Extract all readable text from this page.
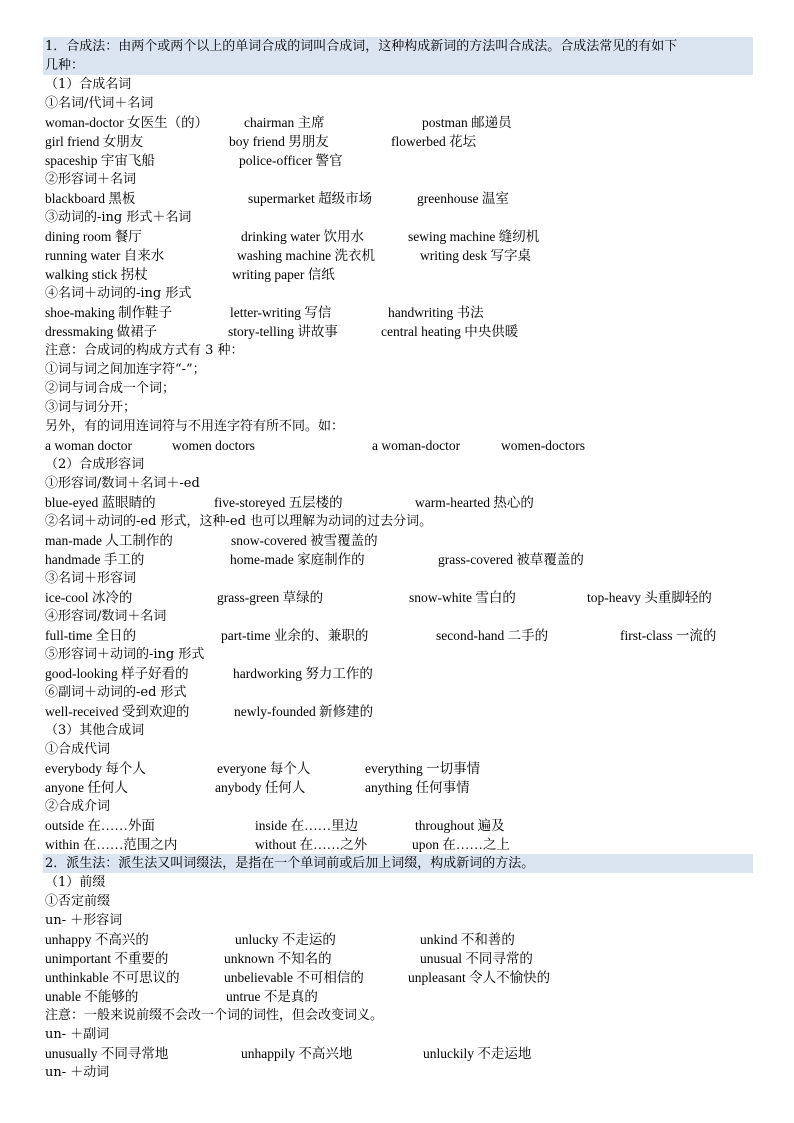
1．合成法：由两个或两个以上的单词合成的词叫合成词，这种构成新词的方法叫合成法。合成法常见的有如下
几种：
（1）合成名词
①名词/代词＋名词
woman-doctor 女医生（的）	chairman 主席	postman 邮递员
girl friend 女朋友	boy friend 男朋友	flowerbed 花坛
spaceship 宇宙飞船	police-officer 警官
②形容词＋名词
blackboard 黑板	supermarket 超级市场	greenhouse 温室
③动词的-ing 形式＋名词
dining room 餐厅	drinking water 饮用水	sewing machine 缝纫机
running water 自来水	washing machine 洗衣机	writing desk 写字桌
walking stick 拐杖	writing paper 信纸
④名词＋动词的-ing 形式
shoe-making 制作鞋子	letter-writing 写信	handwriting 书法
dressmaking 做裙子	story-telling 讲故事	central heating 中央供暖
注意：合成词的构成方式有 3 种：
①词与词之间加连字符“-”；
②词与词合成一个词；
③词与词分开；
另外，有的词用连词符与不用连字符有所不同。如：
a woman doctor	women doctors	a woman-doctor	women-doctors
（2）合成形容词
①形容词/数词＋名词＋-ed
blue-eyed 蓝眼睛的	five-storeyed 五层楼的	warm-hearted 热心的
②名词＋动词的-ed 形式，这种-ed 也可以理解为动词的过去分词。
man-made 人工制作的	snow-covered 被雪覆盖的
handmade 手工的	home-made 家庭制作的	grass-covered 被草覆盖的
③名词＋形容词
ice-cool 冰冷的	grass-green 草绿的	snow-white 雪白的	top-heavy 头重脚轻的
④形容词/数词＋名词
full-time 全日的	part-time 业余的、兼职的	second-hand 二手的	first-class 一流的
⑤形容词＋动词的-ing 形式
good-looking 样子好看的	hardworking 努力工作的
⑥副词＋动词的-ed 形式
well-received 受到欢迎的	newly-founded 新修建的
（3）其他合成词
①合成代词
everybody 每个人	everyone 每个人	everything 一切事情
anyone 任何人	anybody 任何人	anything 任何事情
②合成介词
outside 在……外面	inside 在……里边	throughout 遍及
within 在……范围之内	without 在……之外	upon 在……之上
2．派生法：派生法又叫词缀法，是指在一个单词前或后加上词缀，构成新词的方法。
（1）前缀
①否定前缀
un- ＋形容词
unhappy 不高兴的	unlucky 不走运的	unkind 不和善的
unimportant 不重要的	unknown 不知名的	unusual 不同寻常的
unthinkable 不可思议的	unbelievable 不可相信的	unpleasant 令人不愉快的
unable 不能够的	untrue 不是真的
注意：一般来说前缀不会改一个词的词性，但会改变词义。
un- ＋副词
unusually 不同寻常地	unhappily 不高兴地	unluckily 不走运地
un- ＋动词
